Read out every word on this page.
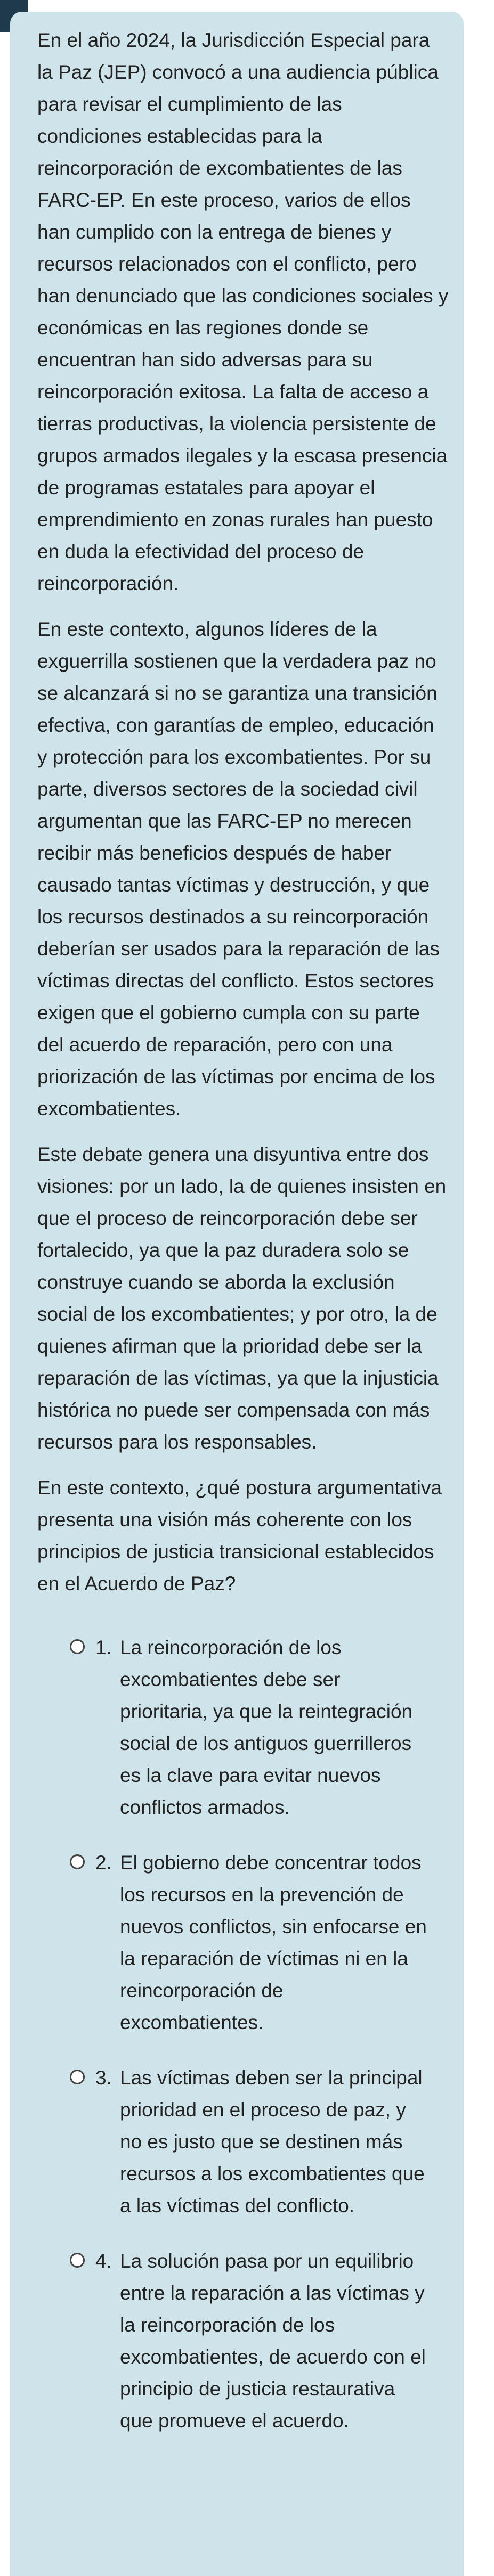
En el año 2024, la Jurisdicción Especial para la Paz (JEP) convocó a una audiencia pública para revisar el cumplimiento de las condiciones establecidas para la reincorporación de excombatientes de las FARC-EP. En este proceso, varios de ellos han cumplido con la entrega de bienes y recursos relacionados con el conflicto, pero han denunciado que las condiciones sociales y económicas en las regiones donde se encuentran han sido adversas para su reincorporación exitosa. La falta de acceso a tierras productivas, la violencia persistente de grupos armados ilegales y la escasa presencia de programas estatales para apoyar el emprendimiento en zonas rurales han puesto en duda la efectividad del proceso de reincorporación.

En este contexto, algunos líderes de la exguerrilla sostienen que la verdadera paz no se alcanzará si no se garantiza una transición efectiva, con garantías de empleo, educación y protección para los excombatientes. Por su parte, diversos sectores de la sociedad civil argumentan que las FARC-EP no merecen recibir más beneficios después de haber causado tantas víctimas y destrucción, y que los recursos destinados a su reincorporación deberían ser usados para la reparación de las víctimas directas del conflicto. Estos sectores exigen que el gobierno cumpla con su parte del acuerdo de reparación, pero con una priorización de las víctimas por encima de los excombatientes.

Este debate genera una disyuntiva entre dos visiones: por un lado, la de quienes insisten en que el proceso de reincorporación debe ser fortalecido, ya que la paz duradera solo se construye cuando se aborda la exclusión social de los excombatientes; y por otro, la de quienes afirman que la prioridad debe ser la reparación de las víctimas, ya que la injusticia histórica no puede ser compensada con más recursos para los responsables.

En este contexto, ¿qué postura argumentativa presenta una visión más coherente con los principios de justicia transicional establecidos en el Acuerdo de Paz?

1. La reincorporación de los excombatientes debe ser prioritaria, ya que la reintegración social de los antiguos guerrilleros es la clave para evitar nuevos conflictos armados.
2. El gobierno debe concentrar todos los recursos en la prevención de nuevos conflictos, sin enfocarse en la reparación de víctimas ni en la reincorporación de excombatientes.
3. Las víctimas deben ser la principal prioridad en el proceso de paz, y no es justo que se destinen más recursos a los excombatientes que a las víctimas del conflicto.
4. La solución pasa por un equilibrio entre la reparación a las víctimas y la reincorporación de los excombatientes, de acuerdo con el principio de justicia restaurativa que promueve el acuerdo.
